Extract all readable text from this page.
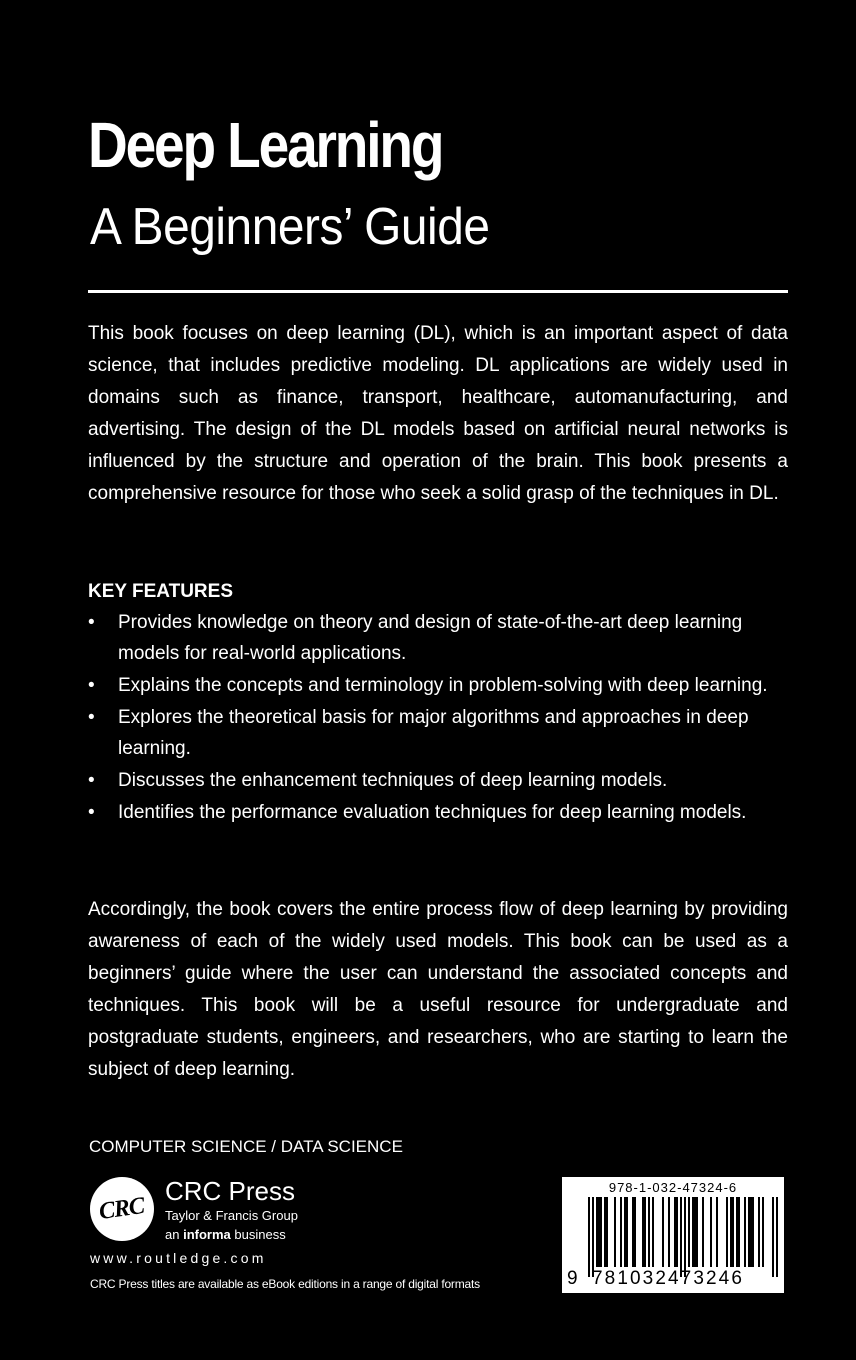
Deep Learning
A Beginners’ Guide

This book focuses on deep learning (DL), which is an important aspect of data science, that includes predictive modeling. DL applications are widely used in domains such as finance, transport, healthcare, automanufacturing, and advertising. The design of the DL models based on artificial neural networks is influenced by the structure and operation of the brain. This book presents a comprehensive resource for those who seek a solid grasp of the techniques in DL.

KEY FEATURES
• Provides knowledge on theory and design of state-of-the-art deep learning models for real-world applications.
• Explains the concepts and terminology in problem-solving with deep learning.
• Explores the theoretical basis for major algorithms and approaches in deep learning.
• Discusses the enhancement techniques of deep learning models.
• Identifies the performance evaluation techniques for deep learning models.

Accordingly, the book covers the entire process flow of deep learning by providing awareness of each of the widely used models. This book can be used as a beginners’ guide where the user can understand the associated concepts and techniques. This book will be a useful resource for undergraduate and postgraduate students, engineers, and researchers, who are starting to learn the subject of deep learning.

COMPUTER SCIENCE / DATA SCIENCE

CRC

CRC Press

Taylor & Francis Group

an informa business

www.routledge.com

CRC Press titles are available as eBook editions in a range of digital formats

978-1-032-47324-6
9 781032473246
